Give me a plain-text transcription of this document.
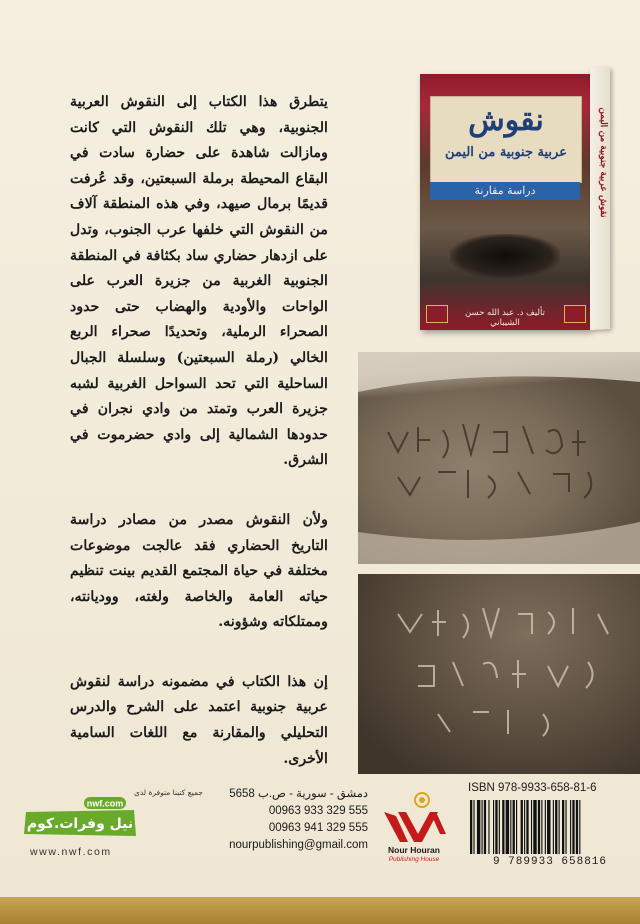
يتطرق هذا الكتاب إلى النقوش العربية الجنوبية، وهي تلك النقوش التي كانت ومازالت شاهدة على حضارة سادت في البقاع المحيطة برملة السبعتين، وقد عُرفت قديمًا برمال صيهد، وفي هذه المنطقة آلاف من النقوش التي خلفها عرب الجنوب، وتدل على ازدهار حضاري ساد بكثافة في المنطقة الجنوبية الغربية من جزيرة العرب على الواحات والأودية والهضاب حتى حدود الصحراء الرملية، وتحديدًا صحراء الربع الخالي (رملة السبعتين) وسلسلة الجبال الساحلية التي تحد السواحل الغربية لشبه جزيرة العرب وتمتد من وادي نجران في حدودها الشمالية إلى وادي حضرموت في الشرق.

ولأن النقوش مصدر من مصادر دراسة التاريخ الحضاري فقد عالجت موضوعات مختلفة في حياة المجتمع القديم بينت تنظيم حياته العامة والخاصة ولغته، ووديانته، وممتلكاته وشؤونه.

إن هذا الكتاب في مضمونه دراسة لنقوش عربية جنوبية اعتمد على الشرح والدرس التحليلي والمقارنة مع اللغات السامية الأخرى.

نقوش
عربية جنوبية من اليمن
دراسة مقارنة
تأليف د. عبد الله حسن الشيباني
نقوش عربية جنوبية من اليمن
جميع كتبنا متوفرة لدى
nwf.com
نيل وفرات.كوم
www.nwf.com
دمشق - سورية - ص.ب 5658
00963 933 329 555
00963 941 329 555
nourpublishing@gmail.com	Nour Houran
Publishing House
ISBN 978-9933-658-81-6
9 789933 658816
